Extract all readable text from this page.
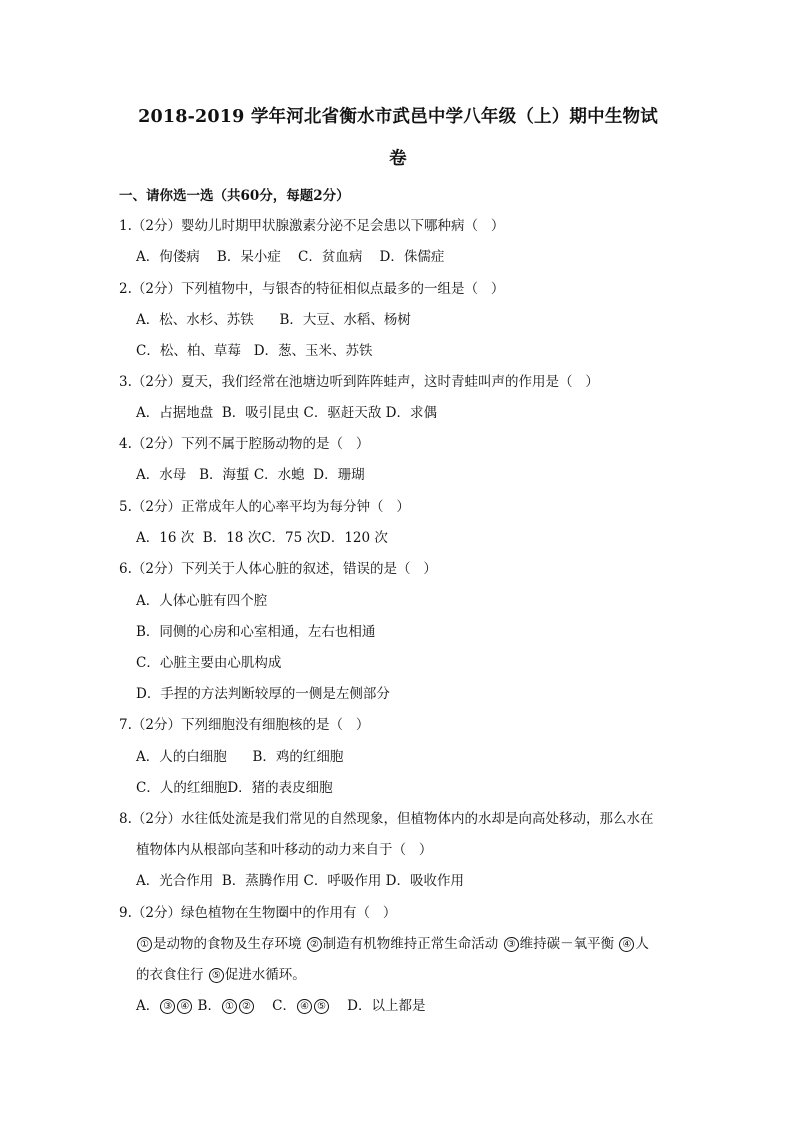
2018-2019 学年河北省衡水市武邑中学八年级（上）期中生物试
卷
一、请你选一选（共60分，每题2分）
1.（2分）婴幼儿时期甲状腺激素分泌不足会患以下哪种病（   ）
A．佝偻病    B．呆小症    C．贫血病    D．侏儒症
2.（2分）下列植物中，与银杏的特征相似点最多的一组是（   ）
A．松、水杉、苏铁      B．大豆、水稻、杨树
C．松、柏、草莓   D．葱、玉米、苏铁
3.（2分）夏天，我们经常在池塘边听到阵阵蛙声，这时青蛙叫声的作用是（   ）
A．占据地盘  B．吸引昆虫 C．驱赶天敌 D．求偶
4.（2分）下列不属于腔肠动物的是（   ）
A．水母   B．海蜇 C．水螅  D．珊瑚
5.（2分）正常成年人的心率平均为每分钟（   ）
A．16 次  B．18 次C．75 次D．120 次
6.（2分）下列关于人体心脏的叙述，错误的是（   ）
A．人体心脏有四个腔
B．同侧的心房和心室相通，左右也相通
C．心脏主要由心肌构成
D．手捏的方法判断较厚的一侧是左侧部分
7.（2分）下列细胞没有细胞核的是（   ）
A．人的白细胞      B．鸡的红细胞
C．人的红细胞D．猪的表皮细胞
8.（2分）水往低处流是我们常见的自然现象，但植物体内的水却是向高处移动，那么水在
植物体内从根部向茎和叶移动的动力来自于（   ）
A．光合作用  B．蒸腾作用 C．呼吸作用 D．吸收作用
9.（2分）绿色植物在生物圈中的作用有（   ）
① 是动物的食物及生存环境 ② 制造有机物维持正常生命活动 ③ 维持碳－氧平衡 ④ 人
的衣食住行 ⑤ 促进水循环。
A． ③ ④ B． ① ②    C． ④ ⑤    D．以上都是
